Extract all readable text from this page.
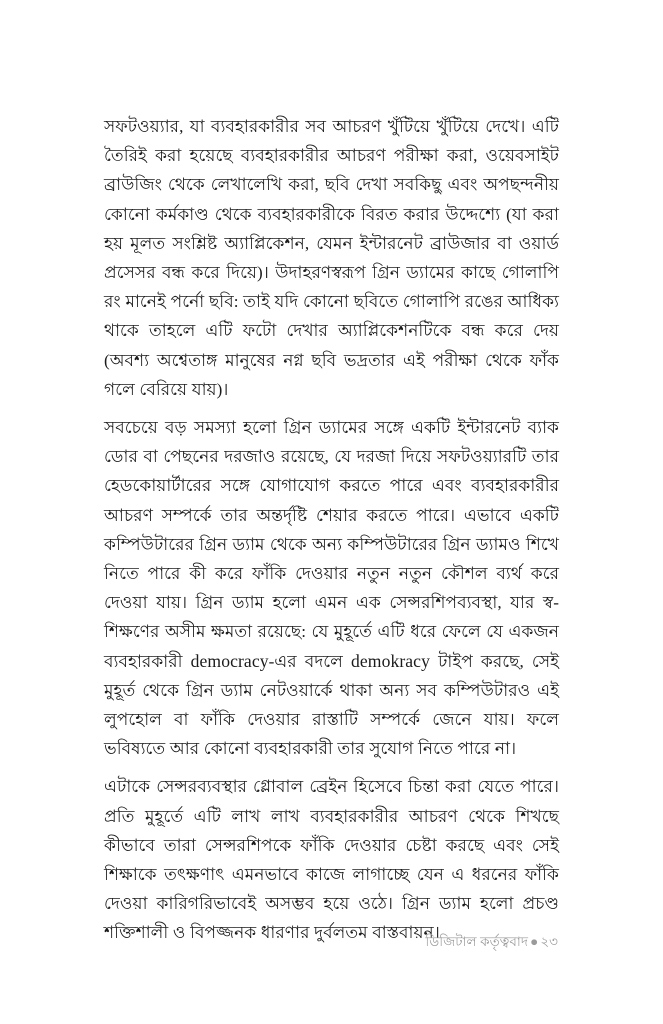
সফটওয়্যার, যা ব্যবহারকারীর সব আচরণ খুঁটিয়ে খুঁটিয়ে দেখে। এটি তৈরিই করা হয়েছে ব্যবহারকারীর আচরণ পরীক্ষা করা, ওয়েবসাইট ব্রাউজিং থেকে লেখালেখি করা, ছবি দেখা সবকিছু এবং অপছন্দনীয় কোনো কর্মকাণ্ড থেকে ব্যবহারকারীকে বিরত করার উদ্দেশ্যে (যা করা হয় মূলত সংশ্লিষ্ট অ্যাপ্লিকেশন, যেমন ইন্টারনেট ব্রাউজার বা ওয়ার্ড প্রসেসর বন্ধ করে দিয়ে)। উদাহরণস্বরূপ গ্রিন ড্যামের কাছে গোলাপি রং মানেই পর্নো ছবি: তাই যদি কোনো ছবিতে গোলাপি রঙের আধিক্য থাকে তাহলে এটি ফটো দেখার অ্যাপ্লিকেশনটিকে বন্ধ করে দেয় (অবশ্য অশ্বেতাঙ্গ মানুষের নগ্ন ছবি ভদ্রতার এই পরীক্ষা থেকে ফাঁক গলে বেরিয়ে যায়)।

সবচেয়ে বড় সমস্যা হলো গ্রিন ড্যামের সঙ্গে একটি ইন্টারনেট ব্যাক ডোর বা পেছনের দরজাও রয়েছে, যে দরজা দিয়ে সফটওয়্যারটি তার হেডকোয়ার্টারের সঙ্গে যোগাযোগ করতে পারে এবং ব্যবহারকারীর আচরণ সম্পর্কে তার অন্তর্দৃষ্টি শেয়ার করতে পারে। এভাবে একটি কম্পিউটারের গ্রিন ড্যাম থেকে অন্য কম্পিউটারের গ্রিন ড্যামও শিখে নিতে পারে কী করে ফাঁকি দেওয়ার নতুন নতুন কৌশল ব্যর্থ করে দেওয়া যায়। গ্রিন ড্যাম হলো এমন এক সেন্সরশিপব্যবস্থা, যার স্ব-শিক্ষণের অসীম ক্ষমতা রয়েছে: যে মুহূর্তে এটি ধরে ফেলে যে একজন ব্যবহারকারী democracy-এর বদলে demokracy টাইপ করছে, সেই মুহূর্ত থেকে গ্রিন ড্যাম নেটওয়ার্কে থাকা অন্য সব কম্পিউটারও এই লুপহোল বা ফাঁকি দেওয়ার রাস্তাটি সম্পর্কে জেনে যায়। ফলে ভবিষ্যতে আর কোনো ব্যবহারকারী তার সুযোগ নিতে পারে না।

এটাকে সেন্সরব্যবস্থার গ্লোবাল ব্রেইন হিসেবে চিন্তা করা যেতে পারে। প্রতি মুহূর্তে এটি লাখ লাখ ব্যবহারকারীর আচরণ থেকে শিখছে কীভাবে তারা সেন্সরশিপকে ফাঁকি দেওয়ার চেষ্টা করছে এবং সেই শিক্ষাকে তৎক্ষণাৎ এমনভাবে কাজে লাগাচ্ছে যেন এ ধরনের ফাঁকি দেওয়া কারিগরিভাবেই অসম্ভব হয়ে ওঠে। গ্রিন ড্যাম হলো প্রচণ্ড শক্তিশালী ও বিপজ্জনক ধারণার দুর্বলতম বাস্তবায়ন।

ডিজিটাল কর্তৃত্ববাদ ● ২৩
